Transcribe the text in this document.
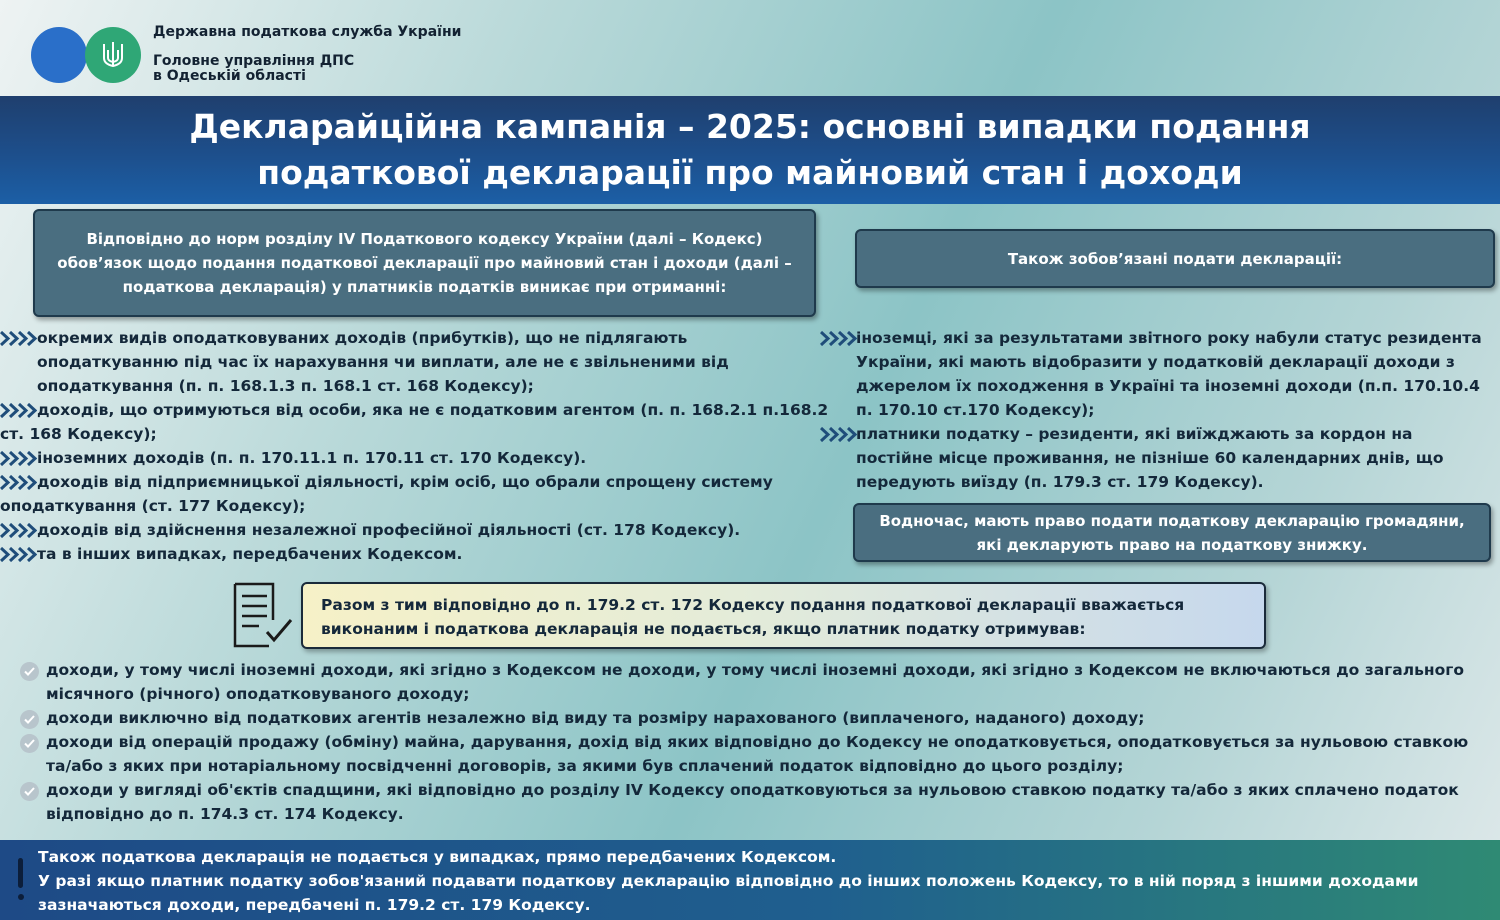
Державна податкова служба України
Головне управління ДПС
в Одеській області
Декларайційна кампанія – 2025: основні випадки подання
податкової декларації про майновий стан і доходи
Відповідно до норм розділу IV Податкового кодексу України (далі – Кодекс) обов’язок щодо подання податкової декларації про майновий стан і доходи (далі – податкова декларація) у платників податків виникає при отриманні:
окремих видів оподатковуваних доходів (прибутків), що не підлягають оподаткуванню під час їх нарахування чи виплати, але не є звільненими від оподаткування (п. п. 168.1.3 п. 168.1 ст. 168 Кодексу);
доходів, що отримуються від особи, яка не є податковим агентом (п. п. 168.2.1 п.168.2 ст. 168 Кодексу);
іноземних доходів (п. п. 170.11.1 п. 170.11 ст. 170 Кодексу).
доходів від підприємницької діяльності, крім осіб, що обрали спрощену систему оподаткування (ст. 177 Кодексу);
доходів від здійснення незалежної професійної діяльності (ст. 178 Кодексу).
та в інших випадках, передбачених Кодексом.
Також зобов’язані подати декларації:
іноземці, які за результатами звітного року набули статус резидента України, які мають відобразити у податковій декларації доходи з джерелом їх походження в Україні та іноземні доходи (п.п. 170.10.4 п. 170.10 ст.170 Кодексу);
платники податку – резиденти, які виїжджають за кордон на постійне місце проживання, не пізніше 60 календарних днів, що передують виїзду (п. 179.3 ст. 179 Кодексу).
Водночас, мають право подати податкову декларацію громадяни, які декларують право на податкову знижку.
Разом з тим відповідно до п. 179.2 ст. 172 Кодексу подання податкової декларації вважається виконаним і податкова декларація не подається, якщо платник податку отримував:
доходи, у тому числі іноземні доходи, які згідно з Кодексом не доходи, у тому числі іноземні доходи, які згідно з Кодексом не включаються до загального місячного (річного) оподатковуваного доходу;
доходи виключно від податкових агентів незалежно від виду та розміру нарахованого (виплаченого, наданого) доходу;
доходи від операцій продажу (обміну) майна, дарування, дохід від яких відповідно до Кодексу не оподатковується, оподатковується за нульовою ставкою та/або з яких при нотаріальному посвідченні договорів, за якими був сплачений податок відповідно до цього розділу;
доходи у вигляді об'єктів спадщини, які відповідно до розділу IV Кодексу оподатковуються за нульовою ставкою податку та/або з яких сплачено податок відповідно до п. 174.3 ст. 174 Кодексу.
Також податкова декларація не подається у випадках, прямо передбачених Кодексом.
У разі якщо платник податку зобов'язаний подавати податкову декларацію відповідно до інших положень Кодексу, то в ній поряд з іншими доходами зазначаються доходи, передбачені п. 179.2 ст. 179 Кодексу.
